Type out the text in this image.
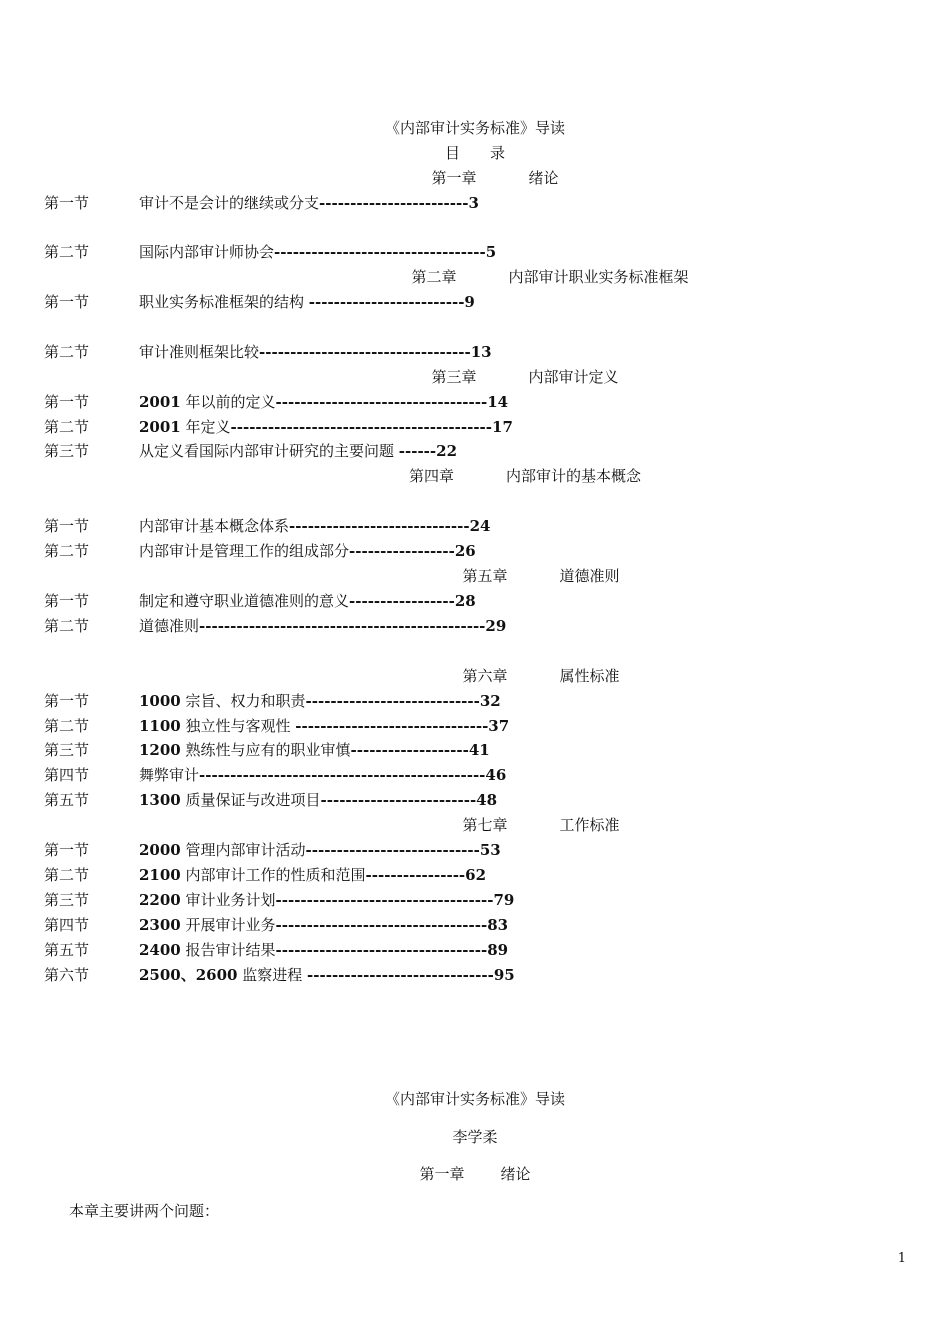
《内部审计实务标准》导读
目　　录
第一章	绪论
第一节	审计不是会计的继续或分支------------------------3
第二节	国际内部审计师协会----------------------------------5
第二章	内部审计职业实务标准框架
第一节	职业实务标准框架的结构 -------------------------9
第二节	审计准则框架比较----------------------------------13
第三章	内部审计定义
第一节	2001 年以前的定义----------------------------------14
第二节	2001 年定义------------------------------------------17
第三节	从定义看国际内部审计研究的主要问题 ------22
第四章	内部审计的基本概念
第一节	内部审计基本概念体系-----------------------------24
第二节	内部审计是管理工作的组成部分-----------------26
第五章	道德准则
第一节	制定和遵守职业道德准则的意义-----------------28
第二节	道德准则----------------------------------------------29
第六章	属性标准
第一节	1000 宗旨、权力和职责----------------------------32
第二节	1100 独立性与客观性 -------------------------------37
第三节	1200 熟练性与应有的职业审慎-------------------41
第四节	舞弊审计----------------------------------------------46
第五节	1300 质量保证与改进项目-------------------------48
第七章	工作标准
第一节	2000 管理内部审计活动----------------------------53
第二节	2100 内部审计工作的性质和范围----------------62
第三节	2200 审计业务计划-----------------------------------79
第四节	2300 开展审计业务----------------------------------83
第五节	2400 报告审计结果----------------------------------89
第六节	2500、2600 监察进程 ------------------------------95
《内部审计实务标准》导读
李学柔
第一章 绪论
本章主要讲两个问题：
1
